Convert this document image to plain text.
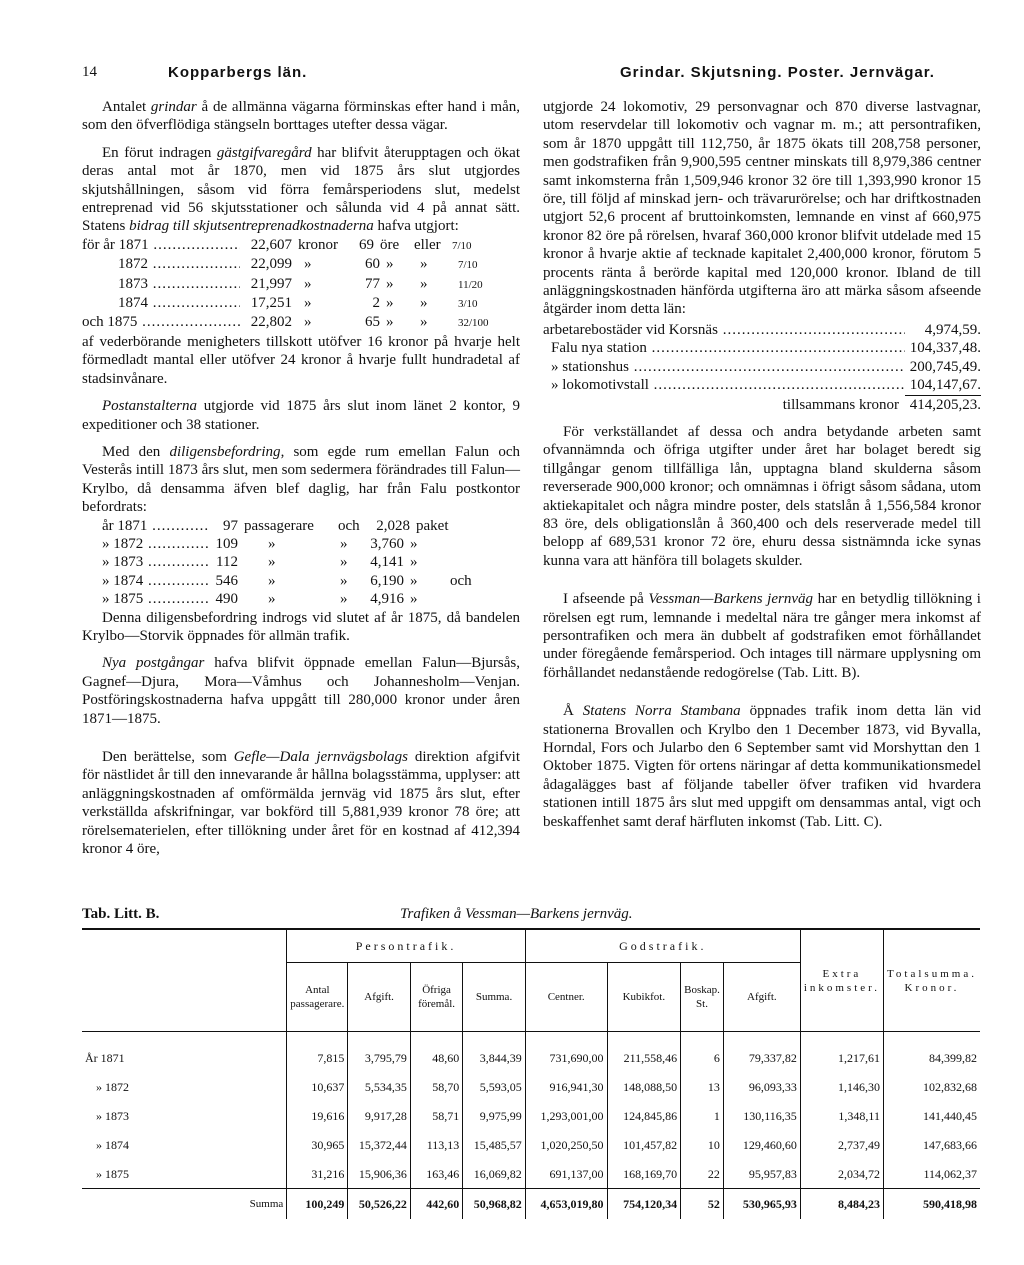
14	Kopparbergs län.	Grindar. Skjutsning. Poster. Jernvägar.

Antalet grindar å de allmänna vägarna förminskas efter hand i mån, som den öfverflödiga stängseln borttages utefter dessa vägar.

En förut indragen gästgifvaregård har blifvit återupptagen och ökat deras antal mot år 1870, men vid 1875 års slut utgjordes skjutshållningen, såsom vid förra femårsperiodens slut, medelst entreprenad vid 56 skjutsstationer och sålunda vid 4 på annat sätt. Statens bidrag till skjutsentreprenadkostnaderna hafva utgjort:

för år 1871 .....	22,607 kronor	69 öre eller	7/10
1872 .....	22,099 »	60 »	»	7/10
1873 .....	21,997 »	77 »	»	11/20
1874 .....	17,251 »	2 »	»	3/10
och 1875 .....	22,802 »	65 »	»	32/100

af vederbörande menigheters tillskott utöfver 16 kronor på hvarje helt förmedladt mantal eller utöfver 24 kronor å hvarje fullt hundradetal af stadsinvånare.

Postanstalterna utgjorde vid 1875 års slut inom länet 2 kontor, 9 expeditioner och 38 stationer.

Med den diligensbefordring, som egde rum emellan Falun och Vesterås intill 1873 års slut, men som sedermera förändrades till Falun—Krylbo, då densamma äfven blef daglig, har från Falu postkontor befordrats:

år 1871 .....	97 passagerare	och	2,028 paket
» 1872 .....	109	»	»	3,760 »
» 1873 .....	112	»	»	4,141 »
» 1874 .....	546	»	»	6,190 »	och
» 1875 .....	490	»	»	4,916 »

Denna diligensbefordring indrogs vid slutet af år 1875, då bandelen Krylbo—Storvik öppnades för allmän trafik.

Nya postgångar hafva blifvit öppnade emellan Falun—Bjursås, Gagnef—Djura, Mora—Våmhus och Johannesholm—Venjan. Postföringskostnaderna hafva uppgått till 280,000 kronor under åren 1871—1875.

Den berättelse, som Gefle—Dala jernvägsbolags direktion afgifvit för nästlidet år till den innevarande år hållna bolagsstämma, upplyser: att anläggningskostnaden af omförmälda jernväg vid 1875 års slut, efter verkställda afskrifningar, var bokförd till 5,881,939 kronor 78 öre; att rörelsematerielen, efter tillökning under året för en kostnad af 412,394 kronor 4 öre,

utgjorde 24 lokomotiv, 29 personvagnar och 870 diverse lastvagnar, utom reservdelar till lokomotiv och vagnar m. m.; att persontrafiken, som år 1870 uppgått till 112,750, år 1875 ökats till 208,758 personer, men godstrafiken från 9,900,595 centner minskats till 8,979,386 centner samt inkomsterna från 1,509,946 kronor 32 öre till 1,393,990 kronor 15 öre, till följd af minskad jern- och trävarurörelse; och har driftkostnaden utgjort 52,6 procent af bruttoinkomsten, lemnande en vinst af 660,975 kronor 82 öre på rörelsen, hvaraf 360,000 kronor blifvit utdelade med 15 kronor å hvarje aktie af tecknade kapitalet 2,400,000 kronor, förutom 5 procents ränta å berörde kapital med 120,000 kronor. Ibland de till anläggningskostnaden hänförda utgifterna äro att märka såsom afseende åtgärder inom detta län:

arbetarebostäder vid Korsnäs .....	4,974,59.
Falu nya station .....	104,337,48.
» stationshus .....	200,745,49.
» lokomotivstall .....	104,147,67.
tillsammans kronor 414,205,23.

För verkställandet af dessa och andra betydande arbeten samt ofvannämnda och öfriga utgifter under året har bolaget beredt sig tillgångar genom tillfälliga lån, upptagna bland skulderna såsom reverserade 900,000 kronor; och omnämnas i öfrigt såsom sådana, utom aktiekapitalet och några mindre poster, dels statslån å 1,556,584 kronor 83 öre, dels obligationslån å 360,400 och dels reserverade medel till belopp af 689,531 kronor 72 öre, ehuru dessa sistnämnda icke synas kunna vara att hänföra till bolagets skulder.

I afseende på Vessman—Barkens jernväg har en betydlig tillökning i rörelsen egt rum, lemnande i medeltal nära tre gånger mera inkomst af persontrafiken och mera än dubbelt af godstrafiken emot förhållandet under föregående femårsperiod. Och intages till närmare upplysning om förhållandet nedanstående redogörelse (Tab. Litt. B).

Å Statens Norra Stambana öppnades trafik inom detta län vid stationerna Brovallen och Krylbo den 1 December 1873, vid Byvalla, Horndal, Fors och Jularbo den 6 September samt vid Morshyttan den 1 Oktober 1875. Vigten för ortens näringar af detta kommunikationsmedel ådagalägges bast af följande tabeller öfver trafiken vid hvardera stationen intill 1875 års slut med uppgift om densammas antal, vigt och beskaffenhet samt deraf härfluten inkomst (Tab. Litt. C).

Tab. Litt. B.	Trafiken å Vessman—Barkens jernväg.
	Persontrafik.				Godstrafik.				Extra inkomster.	Totalsumma. Kronor.
	Antal passagerare.	Afgift.	Öfriga föremål.	Summa.	Centner.	Kubikfot.	Boskap. St.	Afgift.		
År 1871	7,815	3,795,79	48,60	3,844,39	731,690,00	211,558,46	6	79,337,82	1,217,61	84,399,82
» 1872	10,637	5,534,35	58,70	5,593,05	916,941,30	148,088,50	13	96,093,33	1,146,30	102,832,68
» 1873	19,616	9,917,28	58,71	9,975,99	1,293,001,00	124,845,86	1	130,116,35	1,348,11	141,440,45
» 1874	30,965	15,372,44	113,13	15,485,57	1,020,250,50	101,457,82	10	129,460,60	2,737,49	147,683,66
» 1875	31,216	15,906,36	163,46	16,069,82	691,137,00	168,169,70	22	95,957,83	2,034,72	114,062,37
Summa	100,249	50,526,22	442,60	50,968,82	4,653,019,80	754,120,34	52	530,965,93	8,484,23	590,418,98
